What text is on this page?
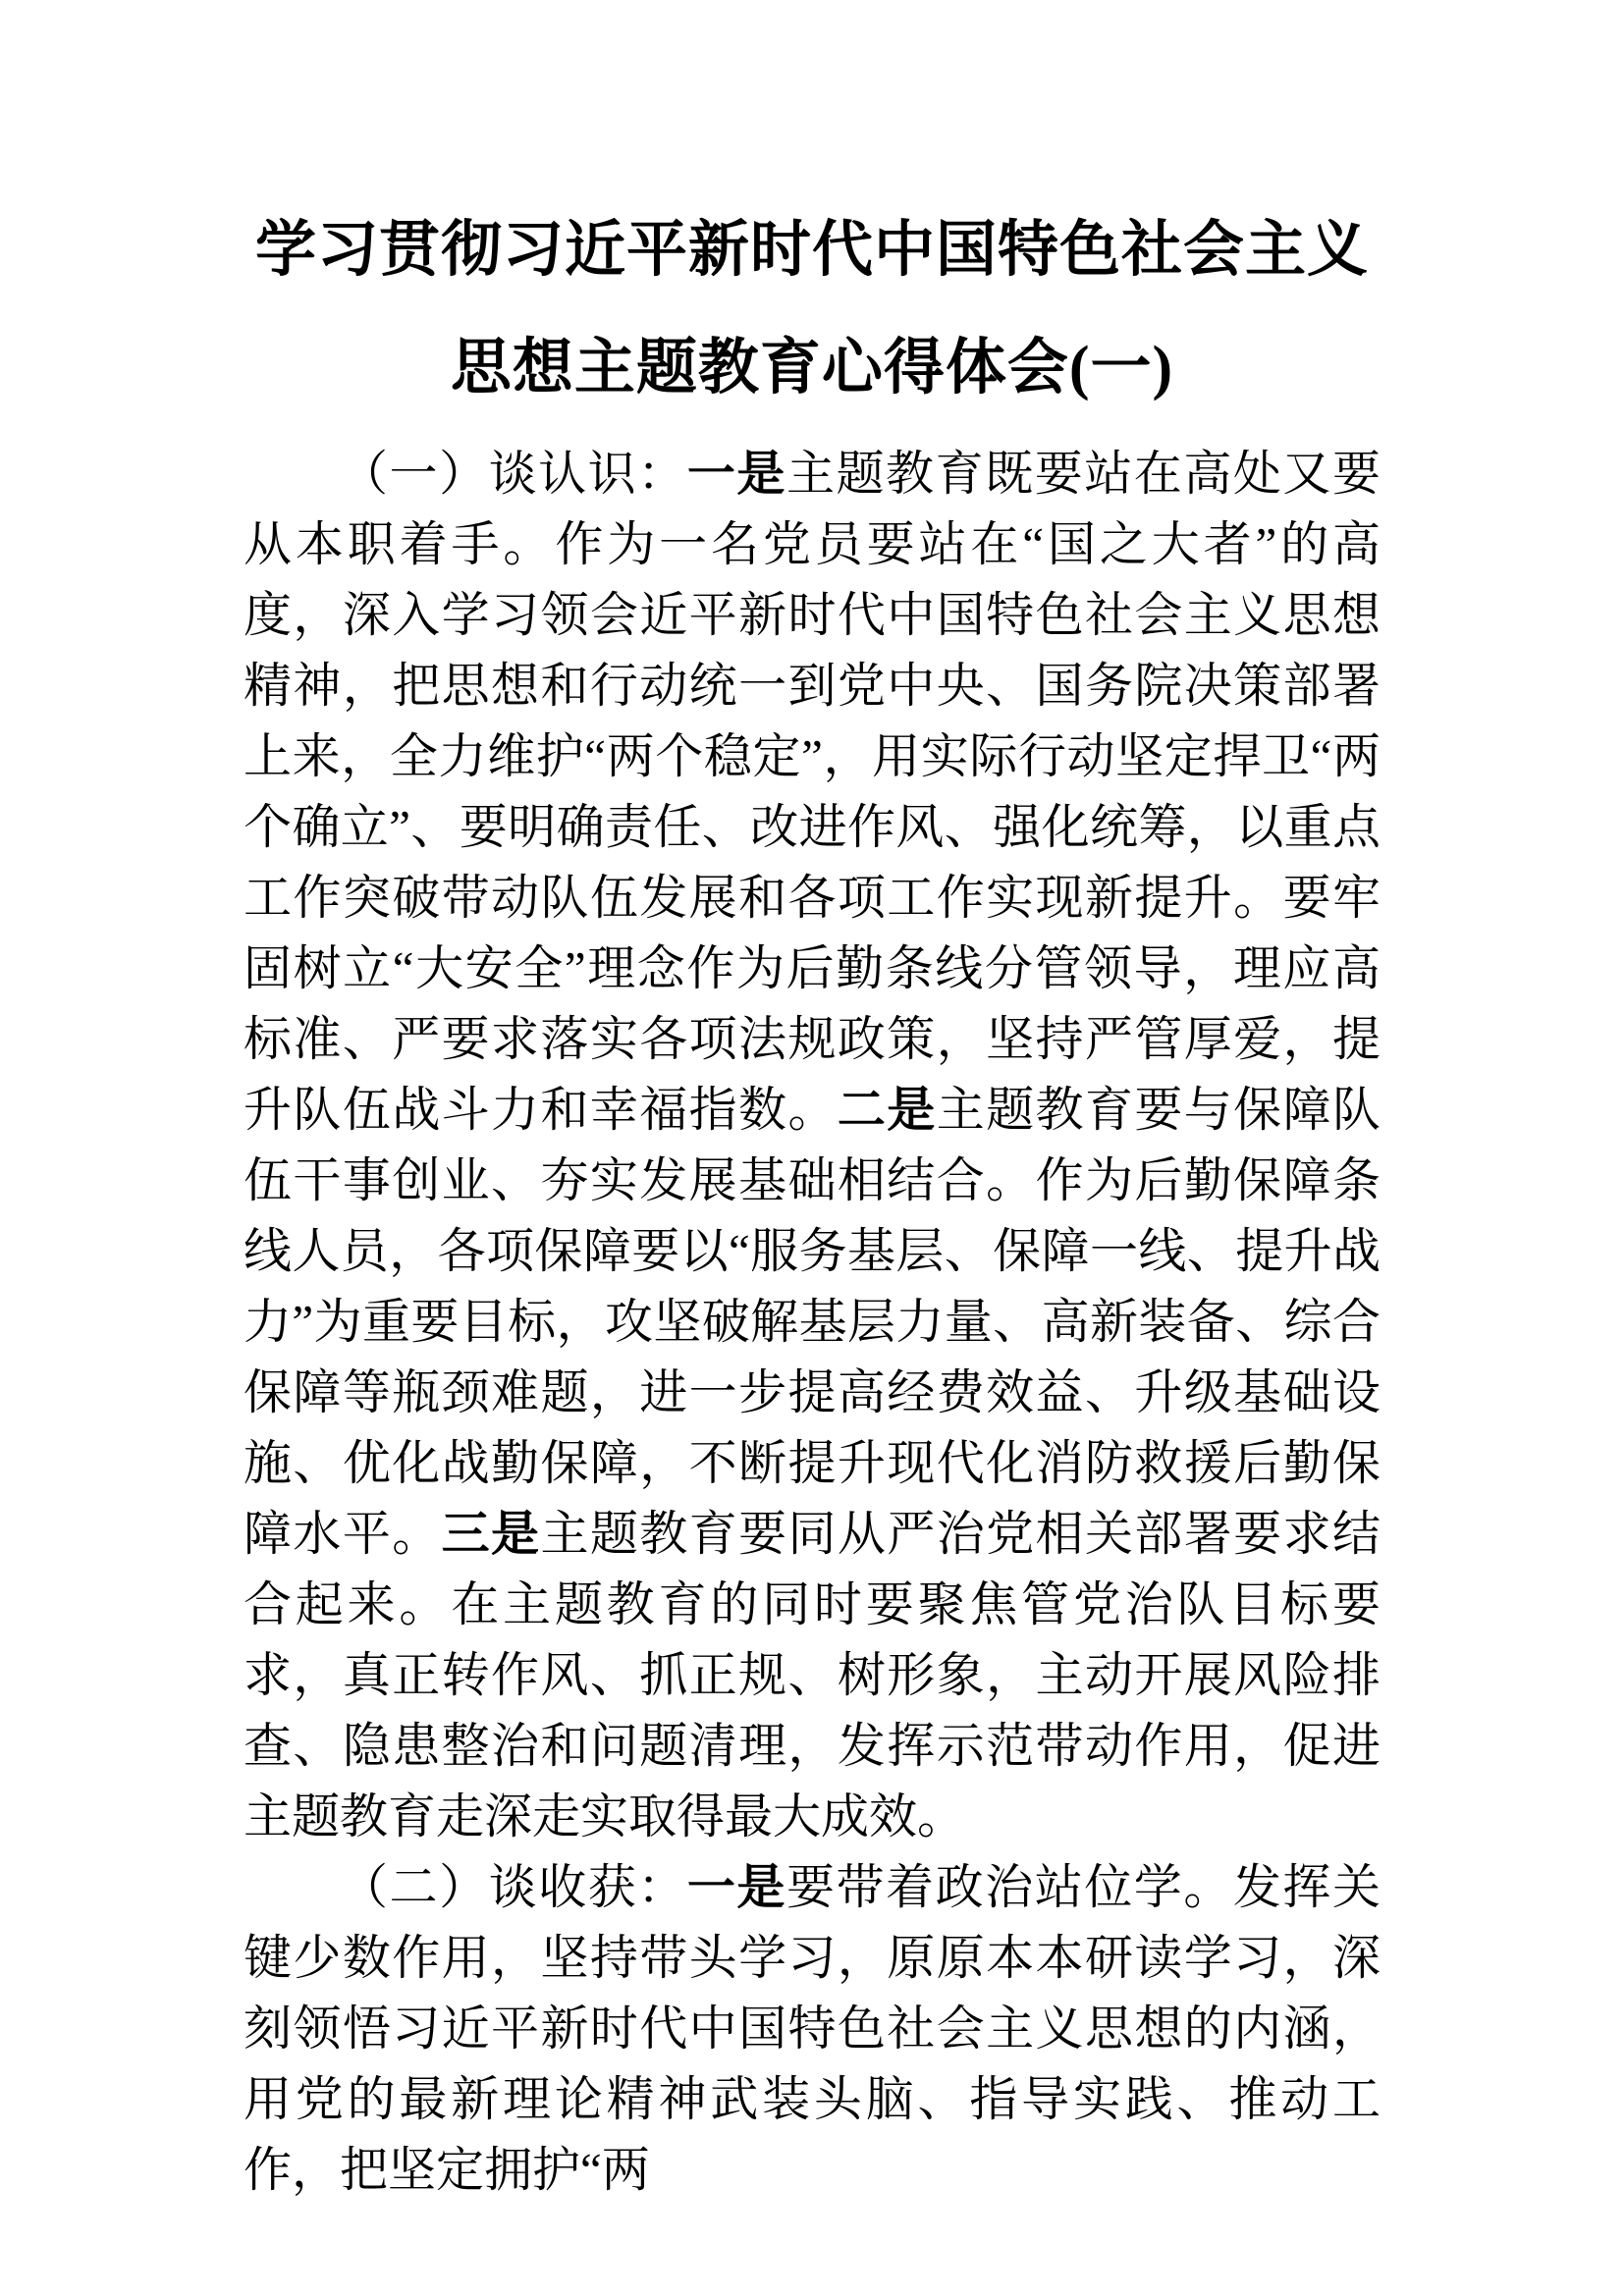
学习贯彻习近平新时代中国特色社会主义思想主题教育心得体会(一)

（一）谈认识：一是主题教育既要站在高处又要从本职着手。作为一名党员要站在“国之大者”的高度，深入学习领会近平新时代中国特色社会主义思想精神，把思想和行动统一到党中央、国务院决策部署上来，全力维护“两个稳定”，用实际行动坚定捍卫“两个确立”、要明确责任、改进作风、强化统筹，以重点工作突破带动队伍发展和各项工作实现新提升。要牢固树立“大安全”理念作为后勤条线分管领导，理应高标准、严要求落实各项法规政策，坚持严管厚爱，提升队伍战斗力和幸福指数。二是主题教育要与保障队伍干事创业、夯实发展基础相结合。作为后勤保障条线人员，各项保障要以“服务基层、保障一线、提升战力”为重要目标，攻坚破解基层力量、高新装备、综合保障等瓶颈难题，进一步提高经费效益、升级基础设施、优化战勤保障，不断提升现代化消防救援后勤保障水平。三是主题教育要同从严治党相关部署要求结合起来。在主题教育的同时要聚焦管党治队目标要求，真正转作风、抓正规、树形象，主动开展风险排查、隐患整治和问题清理，发挥示范带动作用，促进主题教育走深走实取得最大成效。

（二）谈收获：一是要带着政治站位学。发挥关键少数作用，坚持带头学习，原原本本研读学习，深刻领悟习近平新时代中国特色社会主义思想的内涵，用党的最新理论精神武装头脑、指导实践、推动工作，把坚定拥护“两
